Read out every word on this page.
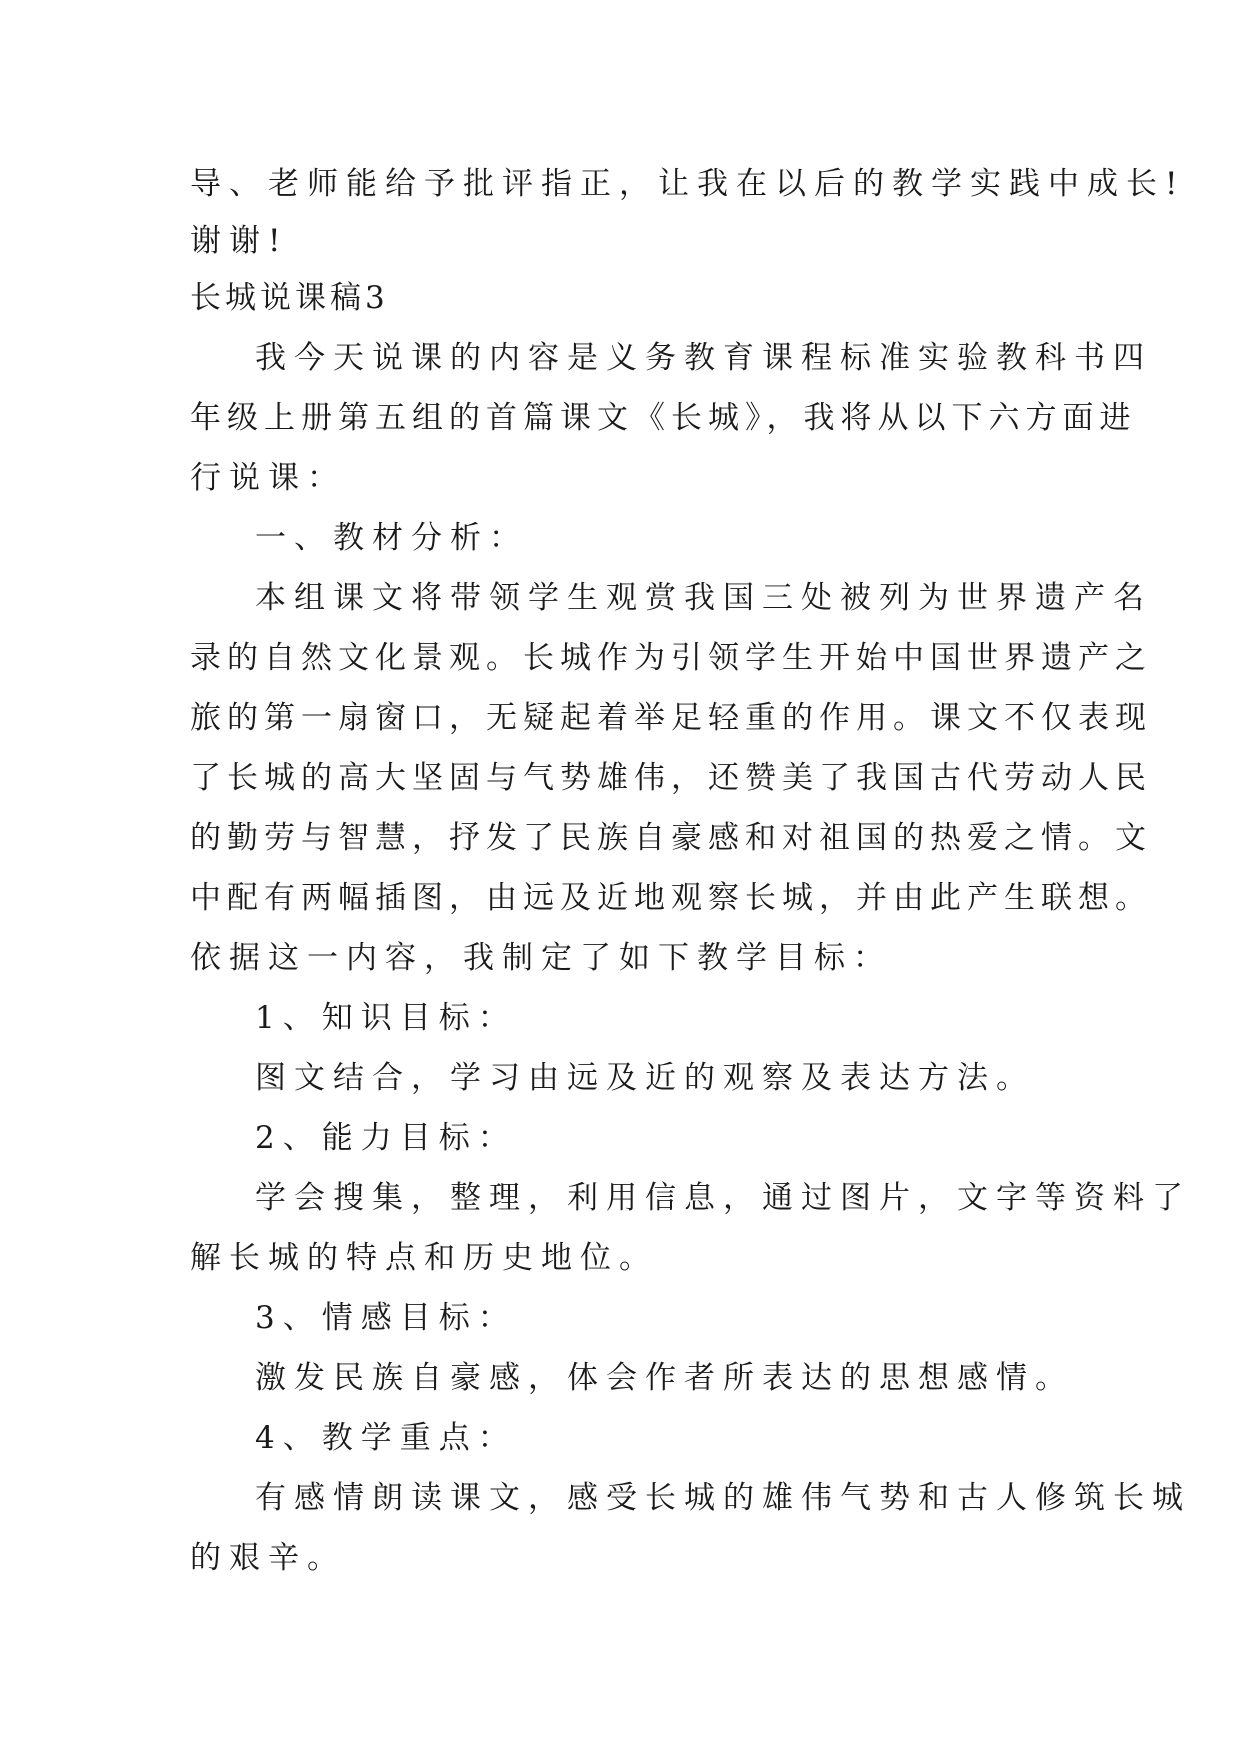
导、老师能给予批评指正，让我在以后的教学实践中成长!
谢谢!
长城说课稿3
我今天说课的内容是义务教育课程标准实验教科书四
年级上册第五组的首篇课文《长城》，我将从以下六方面进
行说课：
一、教材分析：
本组课文将带领学生观赏我国三处被列为世界遗产名
录的自然文化景观。长城作为引领学生开始中国世界遗产之
旅的第一扇窗口，无疑起着举足轻重的作用。课文不仅表现
了长城的高大坚固与气势雄伟，还赞美了我国古代劳动人民
的勤劳与智慧，抒发了民族自豪感和对祖国的热爱之情。文
中配有两幅插图，由远及近地观察长城，并由此产生联想。
依据这一内容，我制定了如下教学目标：
1、知识目标：
图文结合，学习由远及近的观察及表达方法。
2、能力目标：
学会搜集，整理，利用信息，通过图片，文字等资料了
解长城的特点和历史地位。
3、情感目标：
激发民族自豪感，体会作者所表达的思想感情。
4、教学重点：
有感情朗读课文，感受长城的雄伟气势和古人修筑长城
的艰辛。
